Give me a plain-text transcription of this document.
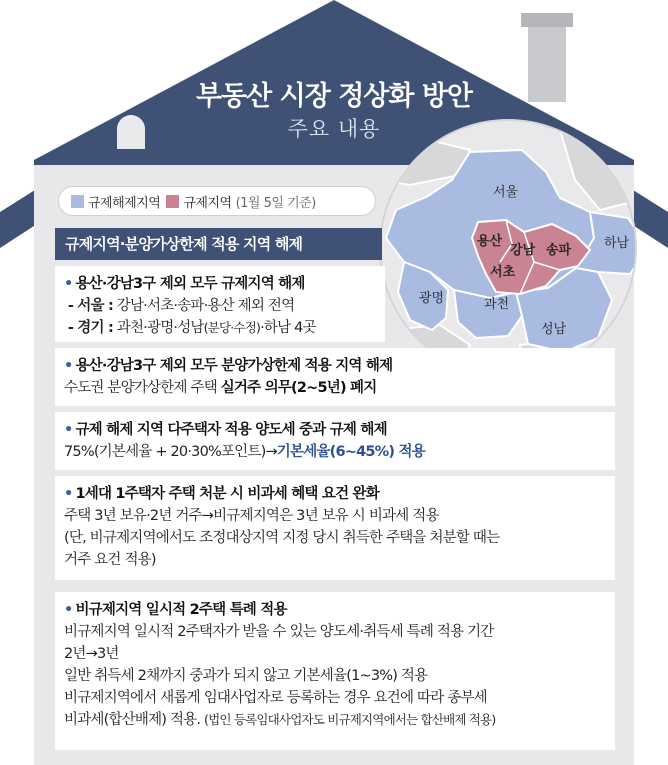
서울
용산
강남 송파
서초
하남
광명	과천
성남
부동산 시장 정상화 방안
주요 내용
규제해제지역 규제지역 (1월 5일 기준)
규제지역·분양가상한제 적용 지역 해제
• 용산·강남3구 제외 모두 규제지역 해제
- 서울 : 강남·서초·송파·용산 제외 전역
- 경기 : 과천·광명·성남(분당·수정)·하남 4곳
• 용산·강남3구 제외 모두 분양가상한제 적용 지역 해제
수도권 분양가상한제 주택 실거주 의무(2~5년) 폐지
• 규제 해제 지역 다주택자 적용 양도세 중과 규제 해제
75%(기본세율 + 20·30%포인트)→기본세율(6~45%) 적용
• 1세대 1주택자 주택 처분 시 비과세 혜택 요건 완화
주택 3년 보유·2년 거주→비규제지역은 3년 보유 시 비과세 적용
(단, 비규제지역에서도 조정대상지역 지정 당시 취득한 주택을 처분할 때는
거주 요건 적용)
• 비규제지역 일시적 2주택 특례 적용
비규제지역 일시적 2주택자가 받을 수 있는 양도세·취득세 특례 적용 기간
2년→3년
일반 취득세 2채까지 중과가 되지 않고 기본세율(1~3%) 적용
비규제지역에서 새롭게 임대사업자로 등록하는 경우 요건에 따라 종부세
비과세(합산배제) 적용. (법인 등록임대사업자도 비규제지역에서는 합산배제 적용)
